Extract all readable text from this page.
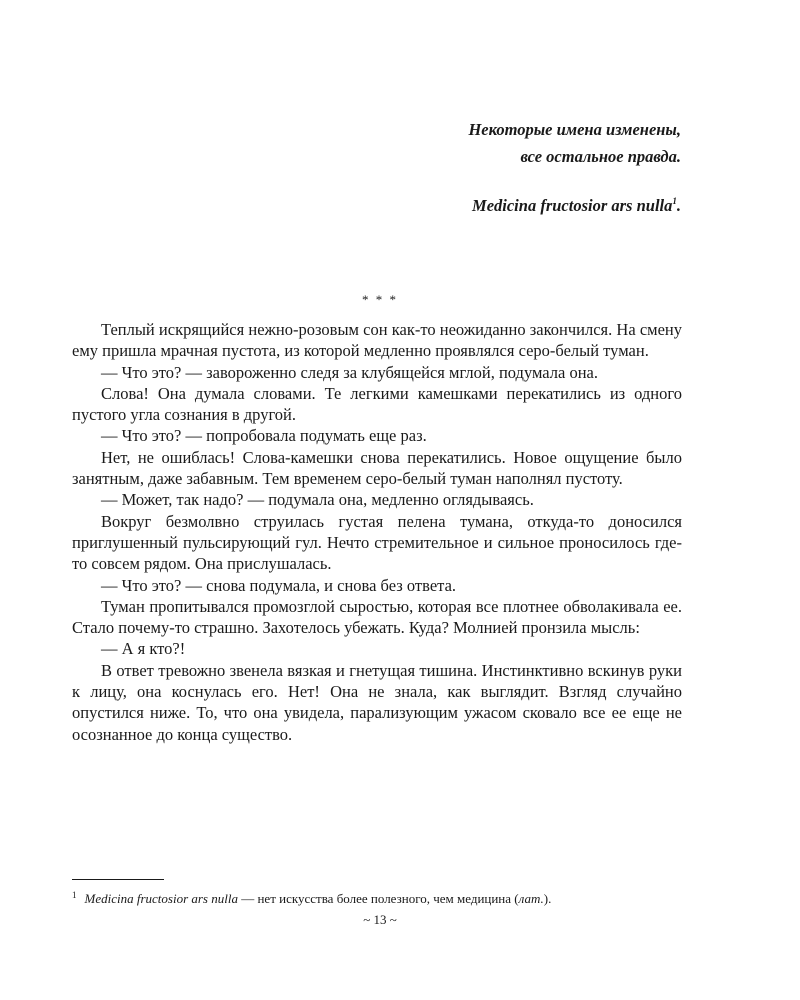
Некоторые имена изменены,
все остальное правда.
Medicina fructosior ars nulla$^1$.
* * *

Теплый искрящийся нежно-розовым сон как-то неожиданно закончился. На смену ему пришла мрачная пустота, из которой медленно проявлялся серо-белый туман.

— Что это? — завороженно следя за клубящейся мглой, подумала она.

Слова! Она думала словами. Те легкими камешками перекатились из одного пустого угла сознания в другой.

— Что это? — попробовала подумать еще раз.

Нет, не ошиблась! Слова-камешки снова перекатились. Новое ощущение было занятным, даже забавным. Тем временем серо-белый туман наполнял пустоту.

— Может, так надо? — подумала она, медленно оглядываясь.

Вокруг безмолвно струилась густая пелена тумана, откуда-то доносился приглушенный пульсирующий гул. Нечто стремительное и сильное проносилось где-то совсем рядом. Она прислушалась.

— Что это? — снова подумала, и снова без ответа.

Туман пропитывался промозглой сыростью, которая все плотнее обволакивала ее. Стало почему-то страшно. Захотелось убежать. Куда? Молнией пронзила мысль:

— А я кто?!

В ответ тревожно звенела вязкая и гнетущая тишина. Инстинктивно вскинув руки к лицу, она коснулась его. Нет! Она не знала, как выглядит. Взгляд случайно опустился ниже. То, что она увидела, парализующим ужасом сковало все ее еще не осознанное до конца существо.

$^1$ Medicina fructosior ars nulla — нет искусства более полезного, чем медицина (лат.).

~ 13 ~
